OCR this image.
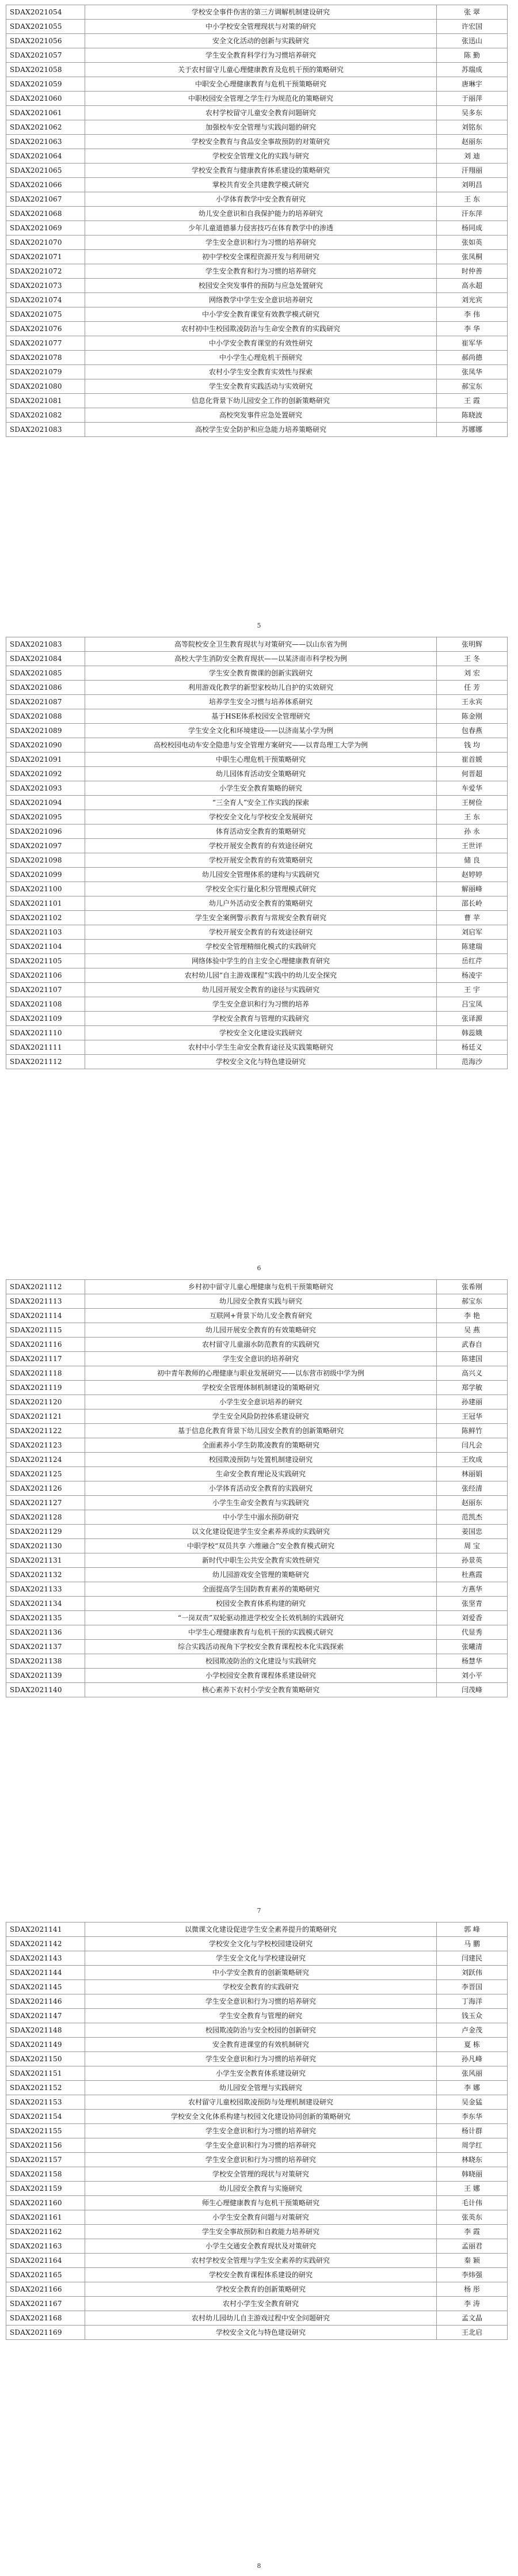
SDAX2021054	学校安全事件伤害的第三方调解机制建设研究	张 翠
SDAX2021055	中小学校安全管理现状与对策的研究	许宏国
SDAX2021056	安全文化活动的创新与实践研究	张迅山
SDAX2021057	学生安全教育科学行为习惯培养研究	陈 勤
SDAX2021058	关于农村留守儿童心理健康教育及危机干预的策略研究	苏瑞成
SDAX2021059	中职安全心理健康教育与危机干预策略研究	唐琳宇
SDAX2021060	中职校园安全管理之学生行为规范化的策略研究	于丽萍
SDAX2021061	农村学校留守儿童安全教育问题研究	吴多东
SDAX2021062	加强校车安全管理与实践问题的研究	刘铭东
SDAX2021063	学校安全教育与食品安全事故预防的对策研究	赵丽东
SDAX2021064	学校安全管理文化的实践与研究	刘 迪
SDAX2021065	学校安全教育与健康教育体系建设的策略研究	汗翔丽
SDAX2021066	掌校共育安全共建教学模式研究	刘明昌
SDAX2021067	小学体育教学中安全教育研究	王 东
SDAX2021068	幼儿安全意识和自我保护能力的培养研究	汗东萍
SDAX2021069	少年儿童道德暴力侵害技巧在体育教学中的渗透	杨同成
SDAX2021070	学生安全意识和行为习惯的培养研究	张如英
SDAX2021071	初中学校安全课程资源开发与利用研究	张凤桐
SDAX2021072	学生安全教育和行为习惯的培养研究	时仲善
SDAX2021073	校园安全突发事件的预防与应急处置研究	高永超
SDAX2021074	网络教学中学生安全意识培养研究	刘光宾
SDAX2021075	中小学安全教育课堂有效教学模式研究	李 伟
SDAX2021076	农村初中生校园欺凌防治与生命安全教育的实践研究	李 华
SDAX2021077	中小学安全教育课堂的有效性研究	崔军华
SDAX2021078	中小学生心理危机干预研究	郝尚德
SDAX2021079	农村小学生安全教育实效性与探索	张凤华
SDAX2021080	学生安全教育实践活动与实效研究	郝宝东
SDAX2021081	信息化背景下幼儿园安全工作的创新策略研究	王 霞
SDAX2021082	高校突发事件应急处置研究	陈晓波
SDAX2021083	高校学生安全防护和应急能力培养策略研究	苏娜娜
5
SDAX2021083	高等院校安全卫生教育现状与对策研究——以山东省为例	张明辉
SDAX2021084	高校大学生消防安全教育现状——以某济南市科学校为例	王 冬
SDAX2021085	学生安全教育微课的创新实践研究	刘 宏
SDAX2021086	利用游戏化教学的新型家校幼儿自护的实效研究	任 芳
SDAX2021087	培养学生安全习惯与培养体系研究	王永宾
SDAX2021088	基于HSE体系校园安全管理研究	陈金刚
SDAX2021089	学生安全文化和环境建设——以济南某小学为例	包春燕
SDAX2021090	高校校园电动车安全隐患与安全管理方案研究——以青岛理工大学为例	钱 均
SDAX2021091	中职生心理危机干预策略研究	崔首媛
SDAX2021092	幼儿园体育活动安全策略研究	何晋超
SDAX2021093	小学生安全教育策略的研究	车爱华
SDAX2021094	“三全育人”安全工作实践的探索	王树俭
SDAX2021095	学校安全文化与学校安全发展研究	王 东
SDAX2021096	体育活动安全教育的策略研究	孙 永
SDAX2021097	学校开展安全教育的有效途径研究	王世评
SDAX2021098	学校开展安全教育的有效策略研究	储 良
SDAX2021099	幼儿园安全管理体系的建构与实践研究	赵婷婷
SDAX2021100	学校安全实行量化积分管理模式研究	解丽峰
SDAX2021101	幼儿户外活动安全教育的策略研究	邵长岭
SDAX2021102	学生安全案例警示教育与常规安全教育研究	曹 苹
SDAX2021103	学校开展安全教育的有效途径研究	刘启军
SDAX2021104	学校安全管理精细化模式的实践研究	陈建瑞
SDAX2021105	网络体验中学生的自主安全心理健康教育研究	岳红芹
SDAX2021106	农村幼儿园“自主游戏课程”实践中的幼儿安全探究	杨凌宇
SDAX2021107	幼儿园开展安全教育的途径与实践研究	王 宇
SDAX2021108	学生安全意识和行为习惯的培养	吕宝凤
SDAX2021109	学校安全教育与管理的实践研究	张译源
SDAX2021110	学校安全文化建设实践研究	韩蕊娥
SDAX2021111	农村中小学生生命安全教育途径及实践策略研究	杨廷义
SDAX2021112	学校安全文化与特色建设研究	范海沙
6
SDAX2021112	乡村初中留守儿童心理健康与危机干预策略研究	张希刚
SDAX2021113	幼儿园安全教育实践与研究	郝宝东
SDAX2021114	互联网+背景下幼儿安全教育研究	李 艳
SDAX2021115	幼儿园开展安全教育的有效策略研究	吴 燕
SDAX2021116	农村留守儿童溺水防范教育的实践研究	武春自
SDAX2021117	学生安全意识的培养研究	陈建国
SDAX2021118	初中青年教师的心理健康与职业发展研究——以东营市初级中学为例	高兴义
SDAX2021119	学校安全管理体制机制建设的策略研究	郑学敏
SDAX2021120	小学生安全意识培养的研究	孙建丽
SDAX2021121	学生安全风险防控体系建设研究	王冠华
SDAX2021122	基于信息化教育背景下幼儿园安全教育的创新策略研究	陈鲜竹
SDAX2021123	全面素养小学生防欺凌教育的策略研究	闫凡会
SDAX2021124	校园欺凌预防与处置机制建设研究	王玫成
SDAX2021125	生命安全教育理论及实践研究	林丽娟
SDAX2021126	小学体育活动安全教育的实践研究	张经清
SDAX2021127	小学生生命安全教育与实践研究	赵丽东
SDAX2021128	中小学生中溺水预防研究	范凯杰
SDAX2021129	以文化建设促进学生安全素养养成的实践研究	姜国忠
SDAX2021130	中职学校“双员共享 六维融合”安全教育模式研究	周 宝
SDAX2021131	新时代中职生公共安全教育实效性研究	孙景英
SDAX2021132	幼儿园游戏安全管理的策略研究	杜燕霞
SDAX2021133	全面提高学生国防教育素养的策略研究	方燕华
SDAX2021134	校园安全教育体系构建的研究	张坚青
SDAX2021135	“一岗双责”双轮驱动推进学校安全长效机制的实践研究	刘爱香
SDAX2021136	中学生心理健康教育与危机干预的实践模式研究	代显秀
SDAX2021137	综合实践活动视角下学校安全教育课程校本化实践探索	张曦清
SDAX2021138	校园欺凌防治的文化建设与实践研究	杨慧华
SDAX2021139	小学校园安全教育课程体系建设研究	刘小平
SDAX2021140	核心素养下农村小学安全教育策略研究	闫茂峰
7
SDAX2021141	以微课文化建设促进学生安全素养提升的策略研究	郭 峰
SDAX2021142	学校安全文化与学校校园建设研究	马 鹏
SDAX2021143	学生安全文化与学校建设研究	闫建民
SDAX2021144	中小学安全教育的创新策略研究	刘跃伟
SDAX2021145	学校安全教育的实践研究	李晋国
SDAX2021146	学生安全意识和行为习惯的培养研究	丁海洋
SDAX2021147	学生安全教育与管理的研究	钱玉众
SDAX2021148	校园欺凌防治与安全校园的创新研究	卢金茂
SDAX2021149	安全教育进课堂的有效机制研究	夏 栋
SDAX2021150	学生安全意识和行为习惯的培养研究	孙凡峰
SDAX2021151	小学生安全教育体系建设研究	张风丽
SDAX2021152	幼儿园安全管理与实践研究	李 娜
SDAX2021153	农村留守儿童校园欺凌预防与处理机制建设研究	吴金猛
SDAX2021154	学校安全文化体系构建与校园文化建设协同创新的策略研究	李东华
SDAX2021155	学生安全意识和行为习惯的培养研究	杨计群
SDAX2021156	学生安全意识和行为习惯的培养研究	周学红
SDAX2021157	学生安全意识和行为习惯的培养研究	林晓东
SDAX2021158	学校安全管理的现状与对策研究	韩晓丽
SDAX2021159	幼儿园安全教育与实施研究	王 娜
SDAX2021160	师生心理健康教育与危机干预策略研究	毛计伟
SDAX2021161	小学生安全教育问题与对策研究	张英东
SDAX2021162	学生安全事故预防和自救能力培养研究	李 霞
SDAX2021163	小学生交通安全教育现状及对策研究	孟丽君
SDAX2021164	农村学校安全管理与学生安全素养的实践研究	秦 颖
SDAX2021165	学校安全教育课程体系建设的研究	李炜强
SDAX2021166	学校安全教育的创新策略研究	杨 彤
SDAX2021167	农村小学生安全教育研究	李 涛
SDAX2021168	农村幼儿园幼儿自主游戏过程中安全问题研究	孟文晶
SDAX2021169	学校安全文化与特色建设研究	王北启
8
